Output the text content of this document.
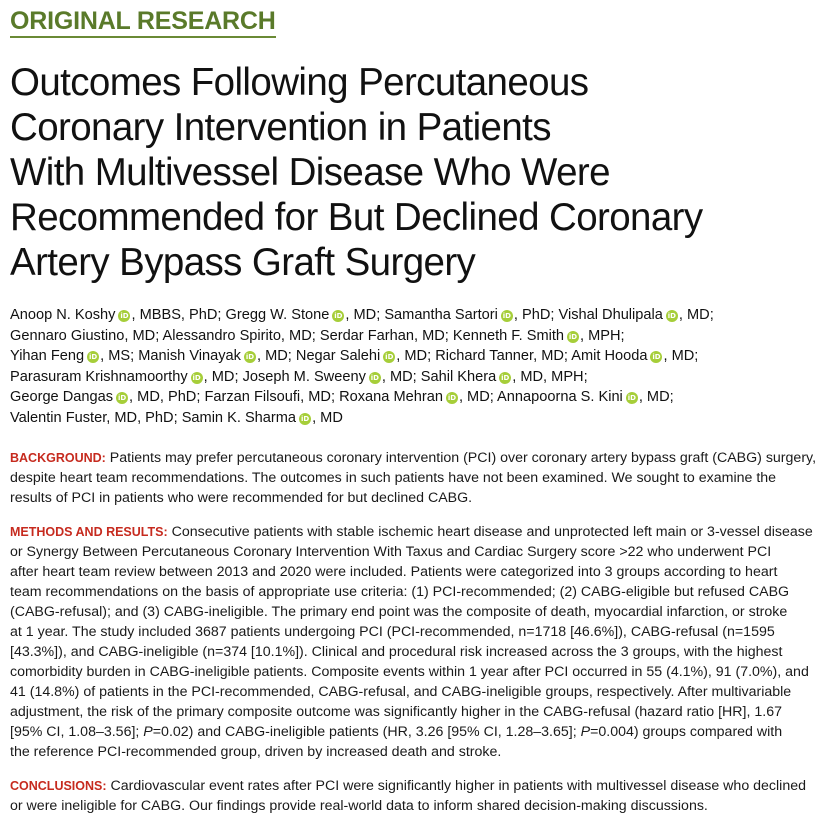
ORIGINAL RESEARCH
Outcomes Following Percutaneous
Coronary Intervention in Patients
With Multivessel Disease Who Were
Recommended for But Declined Coronary
Artery Bypass Graft Surgery
Anoop N. Koshy iD , MBBS, PhD; Gregg W. Stone iD , MD; Samantha Sartori iD , PhD; Vishal Dhulipala iD , MD;
Gennaro Giustino, MD; Alessandro Spirito, MD; Serdar Farhan, MD; Kenneth F. Smith iD , MPH;
Yihan Feng iD , MS; Manish Vinayak iD , MD; Negar Salehi iD , MD; Richard Tanner, MD; Amit Hooda iD , MD;
Parasuram Krishnamoorthy iD , MD; Joseph M. Sweeny iD , MD; Sahil Khera iD , MD, MPH;
George Dangas iD , MD, PhD; Farzan Filsoufi, MD; Roxana Mehran iD , MD; Annapoorna S. Kini iD , MD;
Valentin Fuster, MD, PhD; Samin K. Sharma iD , MD

BACKGROUND: Patients may prefer percutaneous coronary intervention (PCI) over coronary artery bypass graft (CABG) surgery,
despite heart team recommendations. The outcomes in such patients have not been examined. We sought to examine the
results of PCI in patients who were recommended for but declined CABG.

METHODS AND RESULTS: Consecutive patients with stable ischemic heart disease and unprotected left main or 3-vessel disease
or Synergy Between Percutaneous Coronary Intervention With Taxus and Cardiac Surgery score >22 who underwent PCI
after heart team review between 2013 and 2020 were included. Patients were categorized into 3 groups according to heart
team recommendations on the basis of appropriate use criteria: (1) PCI-recommended; (2) CABG-eligible but refused CABG
(CABG-refusal); and (3) CABG-ineligible. The primary end point was the composite of death, myocardial infarction, or stroke
at 1 year. The study included 3687 patients undergoing PCI (PCI-recommended, n=1718 [46.6%]), CABG-refusal (n=1595
[43.3%]), and CABG-ineligible (n=374 [10.1%]). Clinical and procedural risk increased across the 3 groups, with the highest
comorbidity burden in CABG-ineligible patients. Composite events within 1 year after PCI occurred in 55 (4.1%), 91 (7.0%), and
41 (14.8%) of patients in the PCI-recommended, CABG-refusal, and CABG-ineligible groups, respectively. After multivariable
adjustment, the risk of the primary composite outcome was significantly higher in the CABG-refusal (hazard ratio [HR], 1.67
[95% CI, 1.08–3.56]; P=0.02) and CABG-ineligible patients (HR, 3.26 [95% CI, 1.28–3.65]; P=0.004) groups compared with
the reference PCI-recommended group, driven by increased death and stroke.

CONCLUSIONS: Cardiovascular event rates after PCI were significantly higher in patients with multivessel disease who declined
or were ineligible for CABG. Our findings provide real-world data to inform shared decision-making discussions.
